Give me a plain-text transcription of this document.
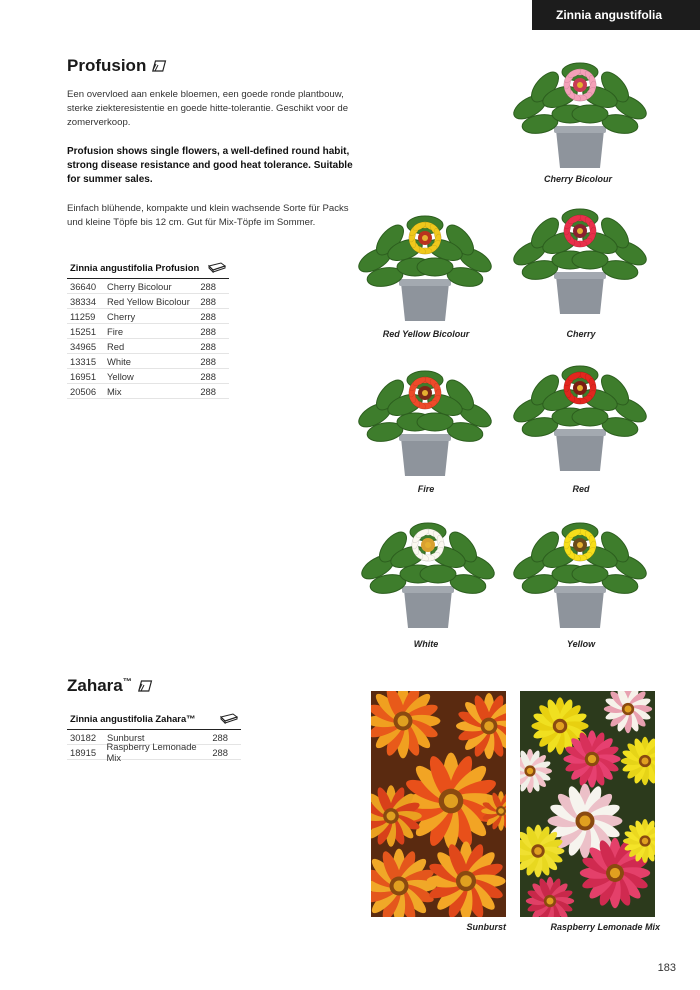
Zinnia angustifolia
Profusion
Een overvloed aan enkele bloemen, een goede ronde plantbouw, sterke ziekteresistentie en goede hitte-tolerantie. Geschikt voor de zomerverkoop.
Profusion shows single flowers, a well-defined round habit, strong disease resistance and good heat tolerance. Suitable for summer sales.
Einfach blühende, kompakte und klein wachsende Sorte für Packs und kleine Töpfe bis 12 cm. Gut für Mix-Töpfe im Sommer.
Zinnia angustifolia Profusion
36640	Cherry Bicolour	288
38334	Red Yellow Bicolour 288
11259	Cherry	288
15251	Fire	288
34965	Red	288
13315	White	288
16951	Yellow	288
20506	Mix	288
Cherry Bicolour
Red Yellow Bicolour	Cherry
Fire	Red
White	Yellow
Zahara™
Zinnia angustifolia Zahara™
30182	Sunburst	288
18915	Raspberry Lemonade Mix	288
Sunburst	Raspberry Lemonade Mix
183
